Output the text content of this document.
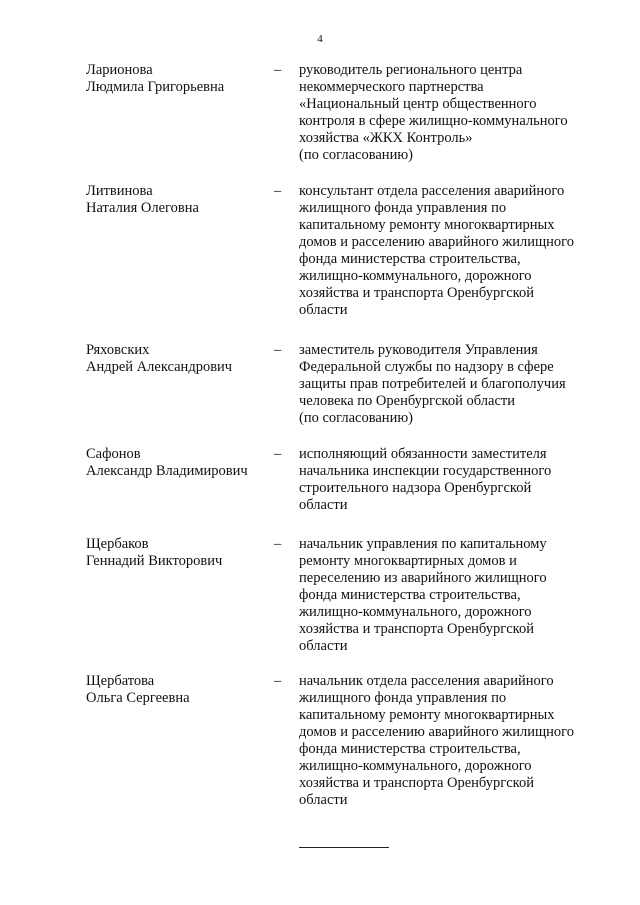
4
Ларионова
Людмила Григорьевна
–	руководитель регионального центра
некоммерческого партнерства
«Национальный центр общественного
контроля в сфере жилищно-коммунального
хозяйства «ЖКХ Контроль»
(по согласованию)
Литвинова
Наталия Олеговна
–	консультант отдела расселения аварийного
жилищного фонда управления по
капитальному ремонту многоквартирных
домов и расселению аварийного жилищного
фонда министерства строительства,
жилищно-коммунального, дорожного
хозяйства и транспорта Оренбургской
области
Ряховских
Андрей Александрович
–	заместитель руководителя Управления
Федеральной службы по надзору в сфере
защиты прав потребителей и благополучия
человека по Оренбургской области
(по согласованию)
Сафонов
Александр Владимирович
–	исполняющий обязанности заместителя
начальника инспекции государственного
строительного надзора Оренбургской
области
Щербаков
Геннадий Викторович
–	начальник управления по капитальному
ремонту многоквартирных домов и
переселению из аварийного жилищного
фонда министерства строительства,
жилищно-коммунального, дорожного
хозяйства и транспорта Оренбургской
области
Щербатова
Ольга Сергеевна
–	начальник отдела расселения аварийного
жилищного фонда управления по
капитальному ремонту многоквартирных
домов и расселению аварийного жилищного
фонда министерства строительства,
жилищно-коммунального, дорожного
хозяйства и транспорта Оренбургской
области
